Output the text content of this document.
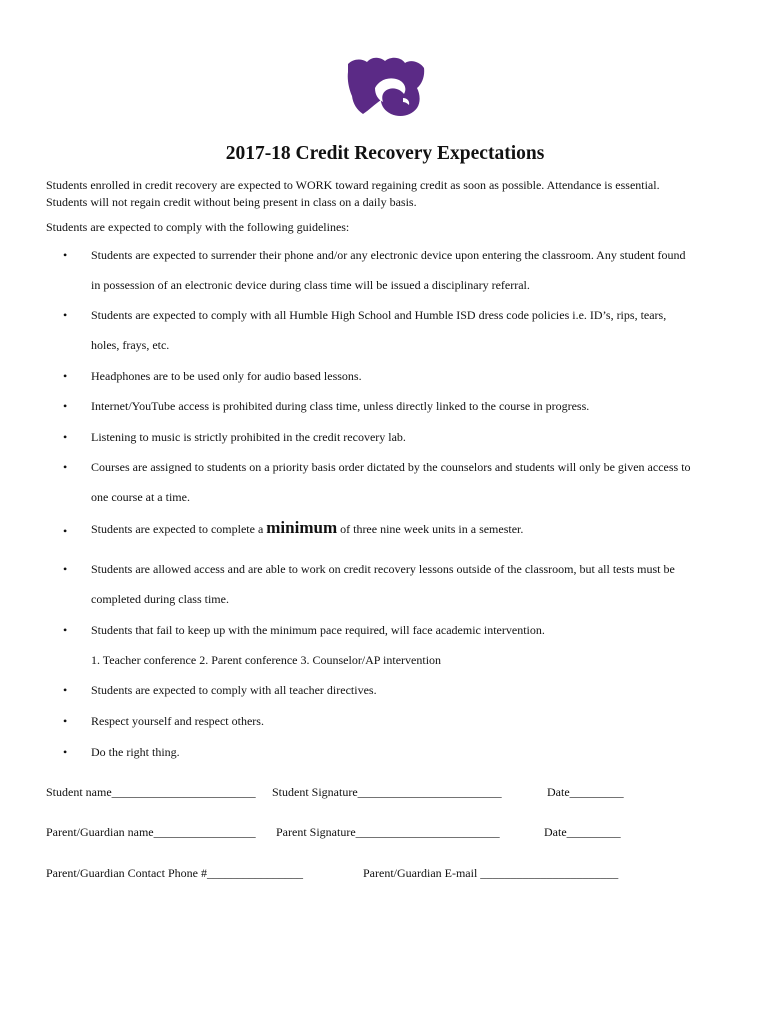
2017-18 Credit Recovery Expectations
Students enrolled in credit recovery are expected to WORK toward regaining credit as soon as possible. Attendance is essential.
Students will not regain credit without being present in class on a daily basis.
Students are expected to comply with the following guidelines:
• Students are expected to surrender their phone and/or any electronic device upon entering the classroom. Any student found
in possession of an electronic device during class time will be issued a disciplinary referral.
• Students are expected to comply with all Humble High School and Humble ISD dress code policies i.e. ID’s, rips, tears,
holes, frays, etc.
• Headphones are to be used only for audio based lessons.
• Internet/YouTube access is prohibited during class time, unless directly linked to the course in progress.
• Listening to music is strictly prohibited in the credit recovery lab.
• Courses are assigned to students on a priority basis order dictated by the counselors and students will only be given access to
one course at a time.
• Students are expected to complete a minimum of three nine week units in a semester.
• Students are allowed access and are able to work on credit recovery lessons outside of the classroom, but all tests must be
completed during class time.
• Students that fail to keep up with the minimum pace required, will face academic intervention.
1. Teacher conference 2. Parent conference 3. Counselor/AP intervention
• Students are expected to comply with all teacher directives.
• Respect yourself and respect others.
• Do the right thing.
Student name________________________ Student Signature________________________	Date_________
Parent/Guardian name_________________ Parent Signature________________________	Date_________
Parent/Guardian Contact Phone #________________	Parent/Guardian E-mail _______________________
